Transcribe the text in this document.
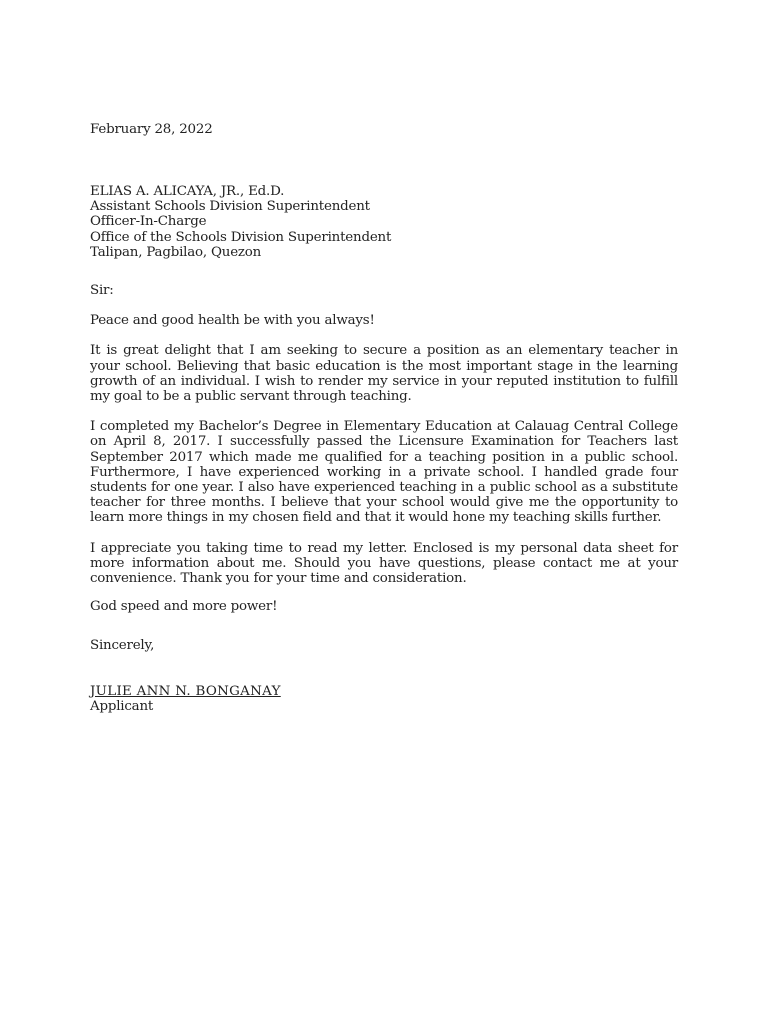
February 28, 2022

ELIAS A. ALICAYA, JR., Ed.D.

Assistant Schools Division Superintendent

Officer-In-Charge

Office of the Schools Division Superintendent

Talipan, Pagbilao, Quezon

Sir:

Peace and good health be with you always!

It is great delight that I am seeking to secure a position as an elementary teacher in your school. Believing that basic education is the most important stage in the learning growth of an individual. I wish to render my service in your reputed institution to fulfill my goal to be a public servant through teaching.

I completed my Bachelor’s Degree in Elementary Education at Calauag Central College on April 8, 2017. I successfully passed the Licensure Examination for Teachers last September 2017 which made me qualified for a teaching position in a public school. Furthermore, I have experienced working in a private school. I handled grade four students for one year. I also have experienced teaching in a public school as a substitute teacher for three months. I believe that your school would give me the opportunity to learn more things in my chosen field and that it would hone my teaching skills further.

I appreciate you taking time to read my letter. Enclosed is my personal data sheet for more information about me. Should you have questions, please contact me at your convenience. Thank you for your time and consideration.

God speed and more power!

Sincerely,

JULIE ANN N. BONGANAY

Applicant
